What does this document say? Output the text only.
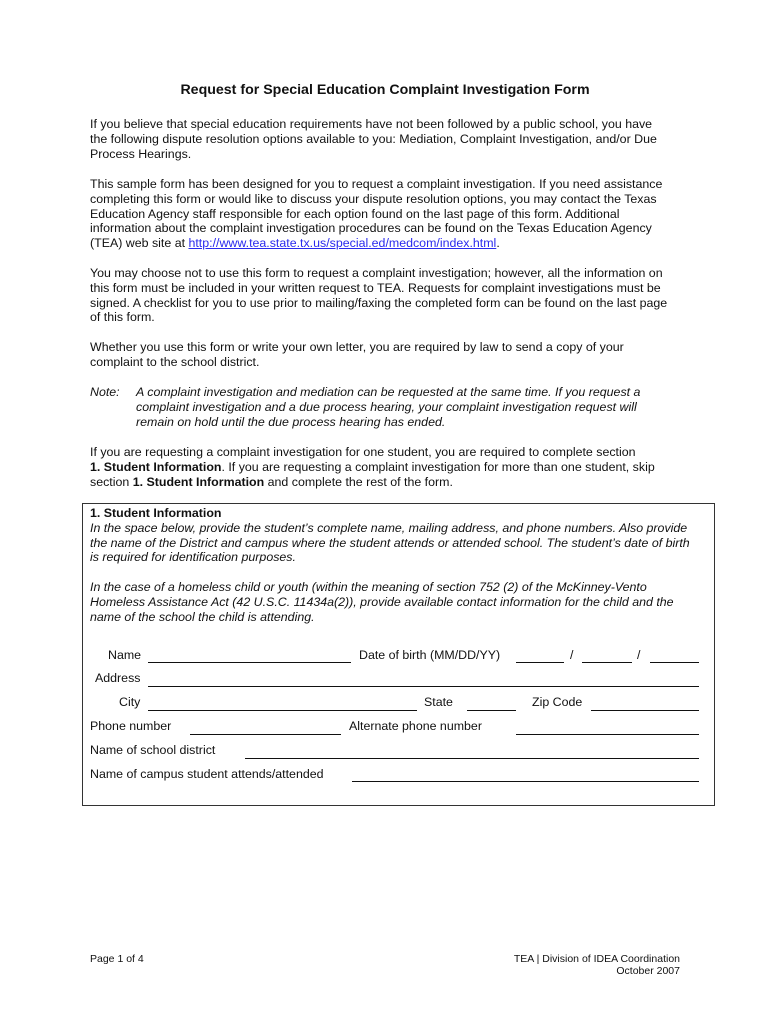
Request for Special Education Complaint Investigation Form
If you believe that special education requirements have not been followed by a public school, you have
the following dispute resolution options available to you: Mediation, Complaint Investigation, and/or Due
Process Hearings.
This sample form has been designed for you to request a complaint investigation. If you need assistance
completing this form or would like to discuss your dispute resolution options, you may contact the Texas
Education Agency staff responsible for each option found on the last page of this form. Additional
information about the complaint investigation procedures can be found on the Texas Education Agency
(TEA) web site at http://www.tea.state.tx.us/special.ed/medcom/index.html.
You may choose not to use this form to request a complaint investigation; however, all the information on
this form must be included in your written request to TEA. Requests for complaint investigations must be
signed. A checklist for you to use prior to mailing/faxing the completed form can be found on the last page
of this form.
Whether you use this form or write your own letter, you are required by law to send a copy of your
complaint to the school district.
Note: A complaint investigation and mediation can be requested at the same time. If you request a
complaint investigation and a due process hearing, your complaint investigation request will
remain on hold until the due process hearing has ended.
If you are requesting a complaint investigation for one student, you are required to complete section
1. Student Information. If you are requesting a complaint investigation for more than one student, skip
section 1. Student Information and complete the rest of the form.
1. Student Information
In the space below, provide the student’s complete name, mailing address, and phone numbers. Also provide
the name of the District and campus where the student attends or attended school. The student’s date of birth
is required for identification purposes.
In the case of a homeless child or youth (within the meaning of section 752 (2) of the McKinney-Vento
Homeless Assistance Act (42 U.S.C. 11434a(2)), provide available contact information for the child and the
name of the school the child is attending.
Name	Date of birth (MM/DD/YY)	/	/
Address
City	State	Zip Code
Phone number	Alternate phone number
Name of school district
Name of campus student attends/attended
Page 1 of 4	TEA | Division of IDEA Coordination
October 2007
